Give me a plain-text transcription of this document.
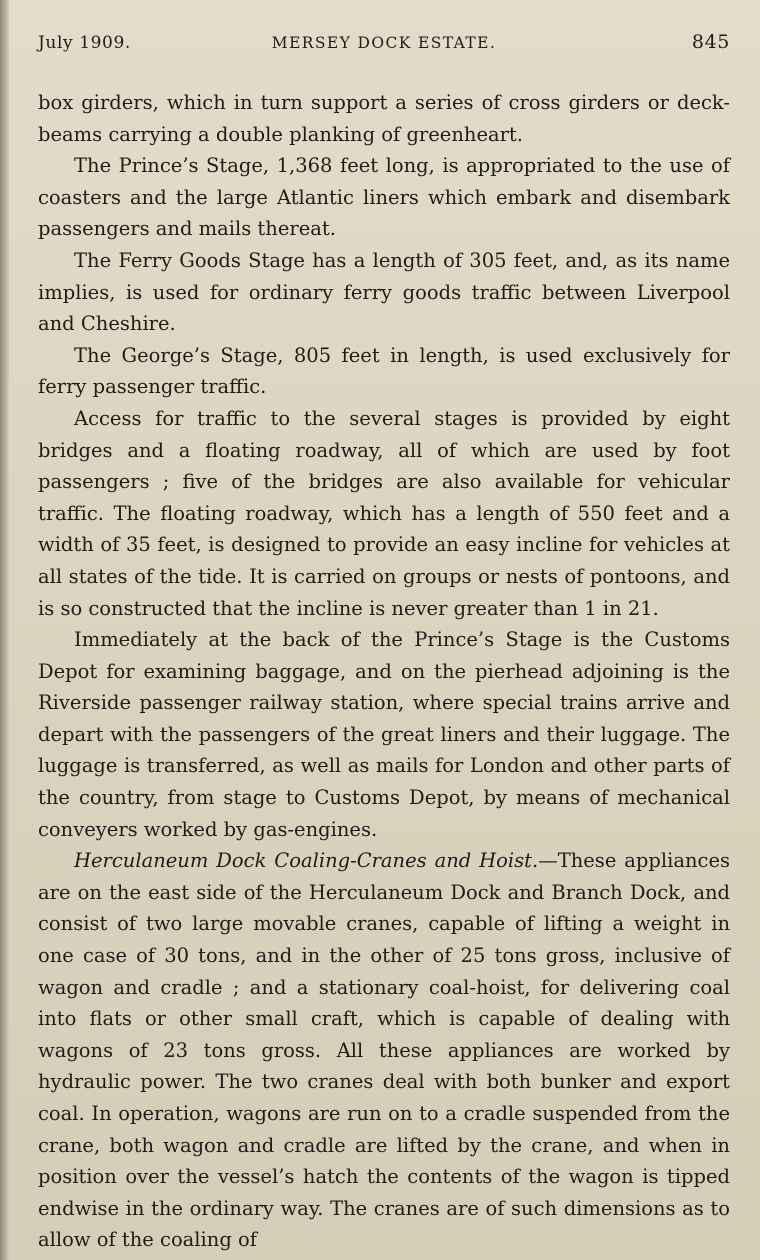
July 1909.	MERSEY DOCK ESTATE.	845

box girders, which in turn support a series of cross girders or deck-beams carrying a double planking of greenheart.

The Prince’s Stage, 1,368 feet long, is appropriated to the use of coasters and the large Atlantic liners which embark and disembark passengers and mails thereat.

The Ferry Goods Stage has a length of 305 feet, and, as its name implies, is used for ordinary ferry goods traffic between Liverpool and Cheshire.

The George’s Stage, 805 feet in length, is used exclusively for ferry passenger traffic.

Access for traffic to the several stages is provided by eight bridges and a floating roadway, all of which are used by foot passengers ; five of the bridges are also available for vehicular traffic. The floating roadway, which has a length of 550 feet and a width of 35 feet, is designed to provide an easy incline for vehicles at all states of the tide. It is carried on groups or nests of pontoons, and is so constructed that the incline is never greater than 1 in 21.

Immediately at the back of the Prince’s Stage is the Customs Depot for examining baggage, and on the pierhead adjoining is the Riverside passenger railway station, where special trains arrive and depart with the passengers of the great liners and their luggage. The luggage is transferred, as well as mails for London and other parts of the country, from stage to Customs Depot, by means of mechanical conveyers worked by gas-engines.

Herculaneum Dock Coaling-Cranes and Hoist.—These appliances are on the east side of the Herculaneum Dock and Branch Dock, and consist of two large movable cranes, capable of lifting a weight in one case of 30 tons, and in the other of 25 tons gross, inclusive of wagon and cradle ; and a stationary coal-hoist, for delivering coal into flats or other small craft, which is capable of dealing with wagons of 23 tons gross. All these appliances are worked by hydraulic power. The two cranes deal with both bunker and export coal. In operation, wagons are run on to a cradle suspended from the crane, both wagon and cradle are lifted by the crane, and when in position over the vessel’s hatch the contents of the wagon is tipped endwise in the ordinary way. The cranes are of such dimensions as to allow of the coaling of
